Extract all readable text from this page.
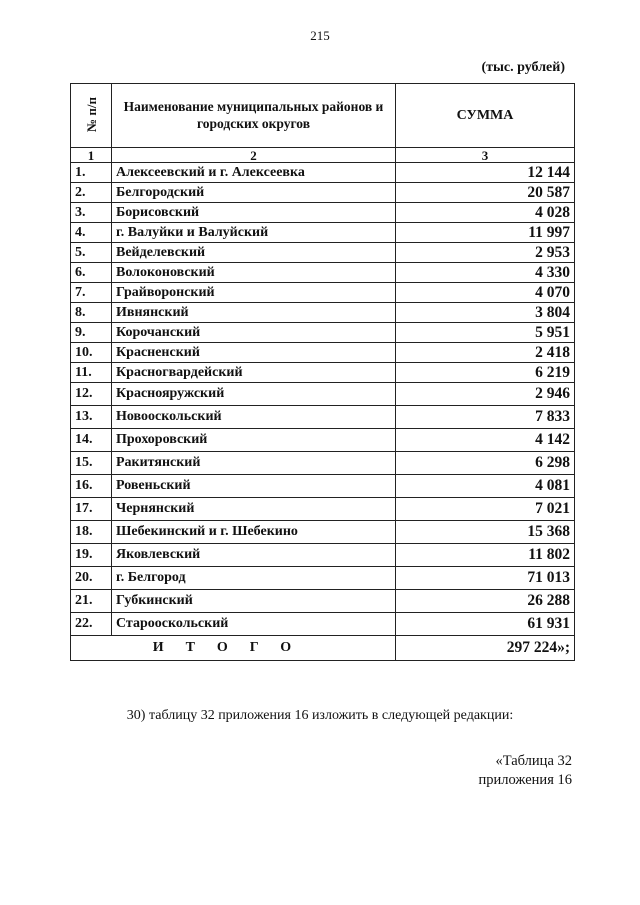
215
(тыс. рублей)
№ п/п	Наименование муниципальных районов и городских округов	СУММА
1	2	3
1.	Алексеевский и г. Алексеевка	12 144
2.	Белгородский	20 587
3.	Борисовский	4 028
4.	г. Валуйки и Валуйский	11 997
5.	Вейделевский	2 953
6.	Волоконовский	4 330
7.	Грайворонский	4 070
8.	Ивнянский	3 804
9.	Корочанский	5 951
10.	Красненский	2 418
11.	Красногвардейский	6 219
12.	Краснояружский	2 946
13.	Новооскольский	7 833
14.	Прохоровский	4 142
15.	Ракитянский	6 298
16.	Ровеньский	4 081
17.	Чернянский	7 021
18.	Шебекинский и г. Шебекино	15 368
19.	Яковлевский	11 802
20.	г. Белгород	71 013
21.	Губкинский	26 288
22.	Старооскольский	61 931
ИТОГО		297 224»;
30) таблицу 32 приложения 16 изложить в следующей редакции:
«Таблица 32
приложения 16
